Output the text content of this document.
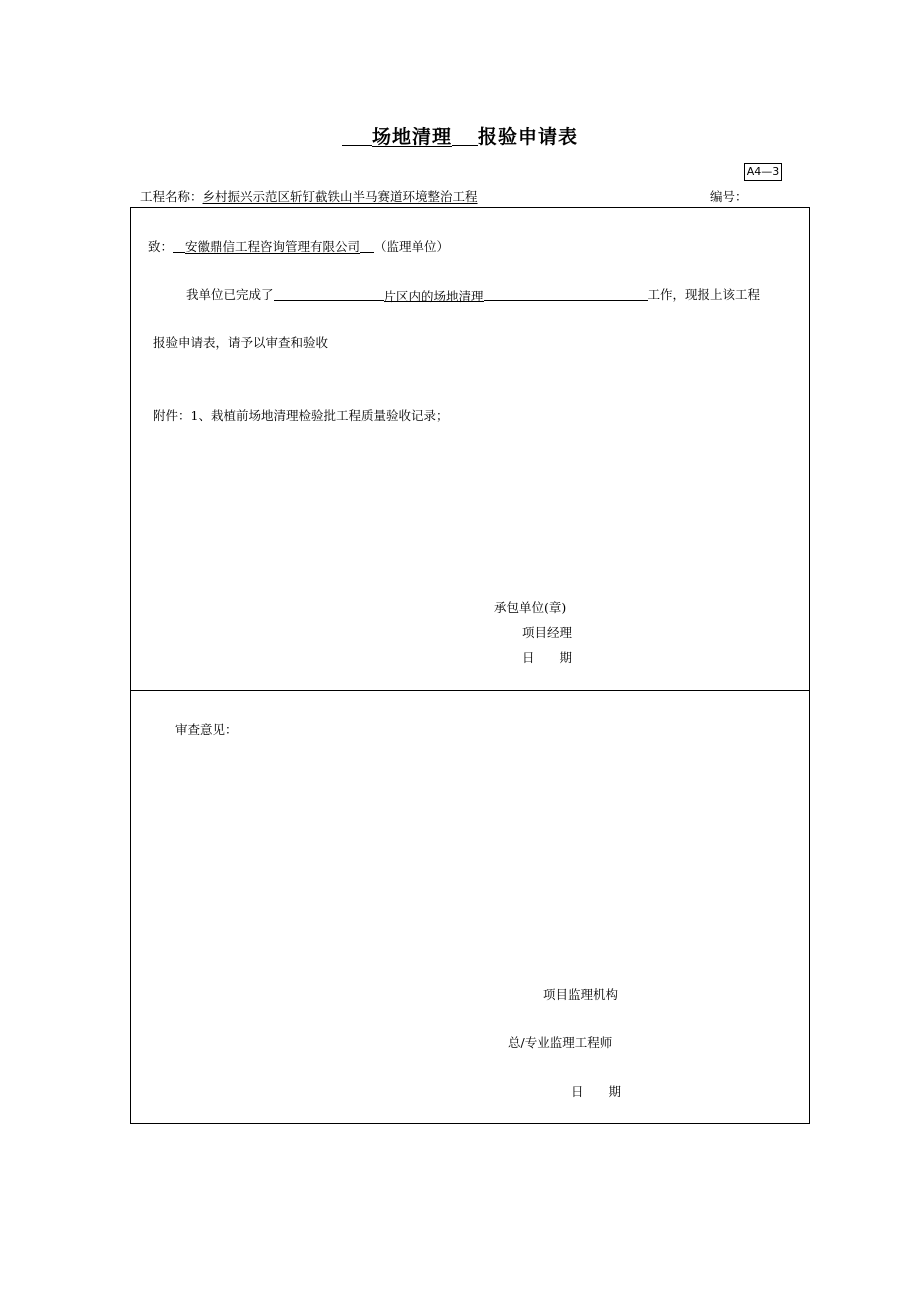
场地清理 报验申请表
A4—3
工程名称：乡村振兴示范区斩钉截铁山半马赛道环境整治工程	编号：
致： 安徽鼎信工程咨询管理有限公司 （监理单位）
我单位已完成了	片区内的场地清理	工作，现报上该工程
报验申请表，请予以审查和验收
附件：1、栽植前场地清理检验批工程质量验收记录；
承包单位(章)
项目经理
日　　期
审查意见：
项目监理机构
总/专业监理工程师
日　　期
